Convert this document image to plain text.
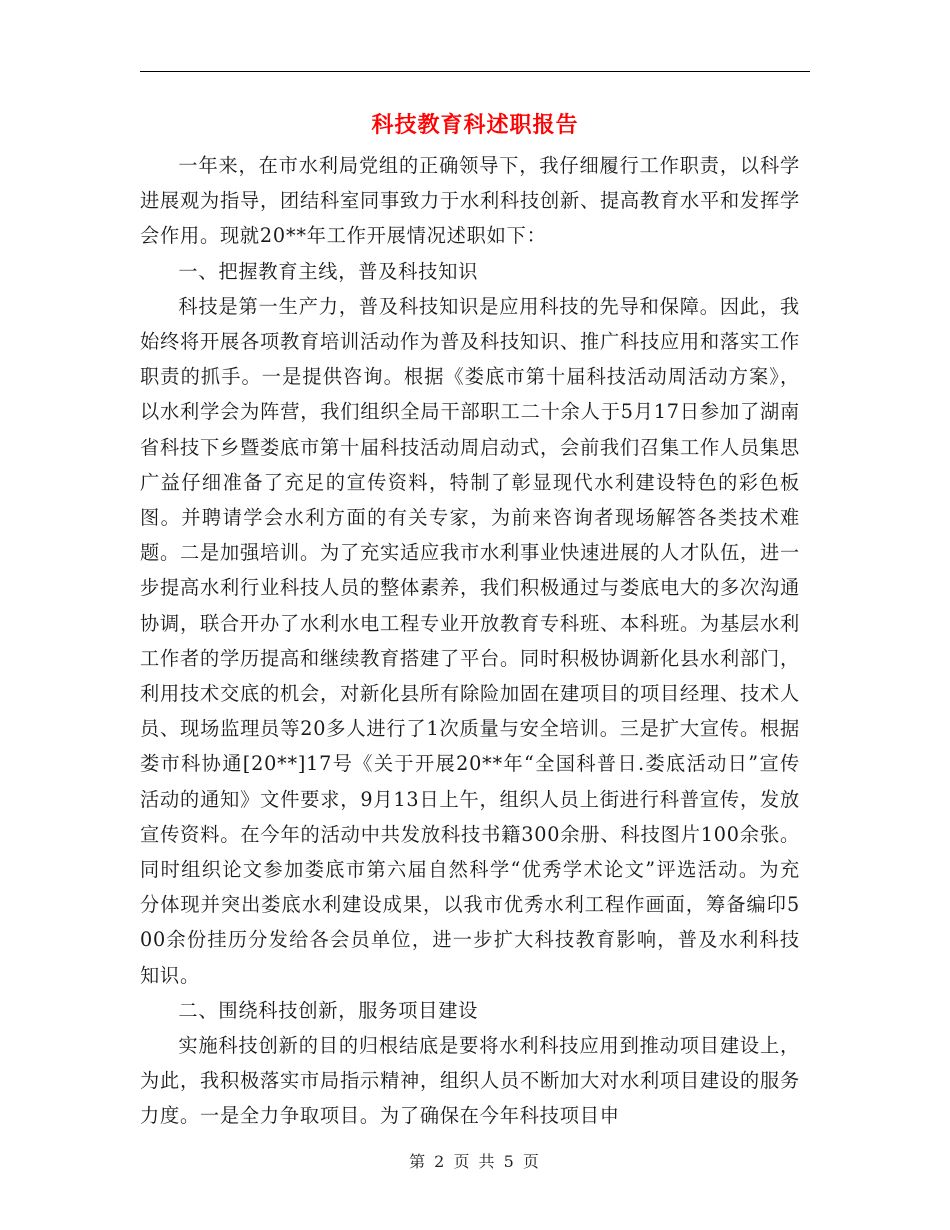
科技教育科述职报告

一年来，在市水利局党组的正确领导下，我仔细履行工作职责，以科学进展观为指导，团结科室同事致力于水利科技创新、提高教育水平和发挥学会作用。现就20**年工作开展情况述职如下：

一、把握教育主线，普及科技知识

科技是第一生产力，普及科技知识是应用科技的先导和保障。因此，我始终将开展各项教育培训活动作为普及科技知识、推广科技应用和落实工作职责的抓手。一是提供咨询。根据《娄底市第十届科技活动周活动方案》，以水利学会为阵营，我们组织全局干部职工二十余人于5月17日参加了湖南省科技下乡暨娄底市第十届科技活动周启动式，会前我们召集工作人员集思广益仔细准备了充足的宣传资料，特制了彰显现代水利建设特色的彩色板图。并聘请学会水利方面的有关专家，为前来咨询者现场解答各类技术难题。二是加强培训。为了充实适应我市水利事业快速进展的人才队伍，进一步提高水利行业科技人员的整体素养，我们积极通过与娄底电大的多次沟通协调，联合开办了水利水电工程专业开放教育专科班、本科班。为基层水利工作者的学历提高和继续教育搭建了平台。同时积极协调新化县水利部门，利用技术交底的机会，对新化县所有除险加固在建项目的项目经理、技术人员、现场监理员等20多人进行了1次质量与安全培训。三是扩大宣传。根据娄市科协通[20**]17号《关于开展20**年“全国科普日.娄底活动日”宣传活动的通知》文件要求，9月13日上午，组织人员上街进行科普宣传，发放宣传资料。在今年的活动中共发放科技书籍300余册、科技图片100余张。同时组织论文参加娄底市第六届自然科学“优秀学术论文”评选活动。为充分体现并突出娄底水利建设成果，以我市优秀水利工程作画面，筹备编印500余份挂历分发给各会员单位，进一步扩大科技教育影响，普及水利科技知识。

二、围绕科技创新，服务项目建设

实施科技创新的目的归根结底是要将水利科技应用到推动项目建设上，为此，我积极落实市局指示精神，组织人员不断加大对水利项目建设的服务力度。一是全力争取项目。为了确保在今年科技项目申

第 2 页 共 5 页
